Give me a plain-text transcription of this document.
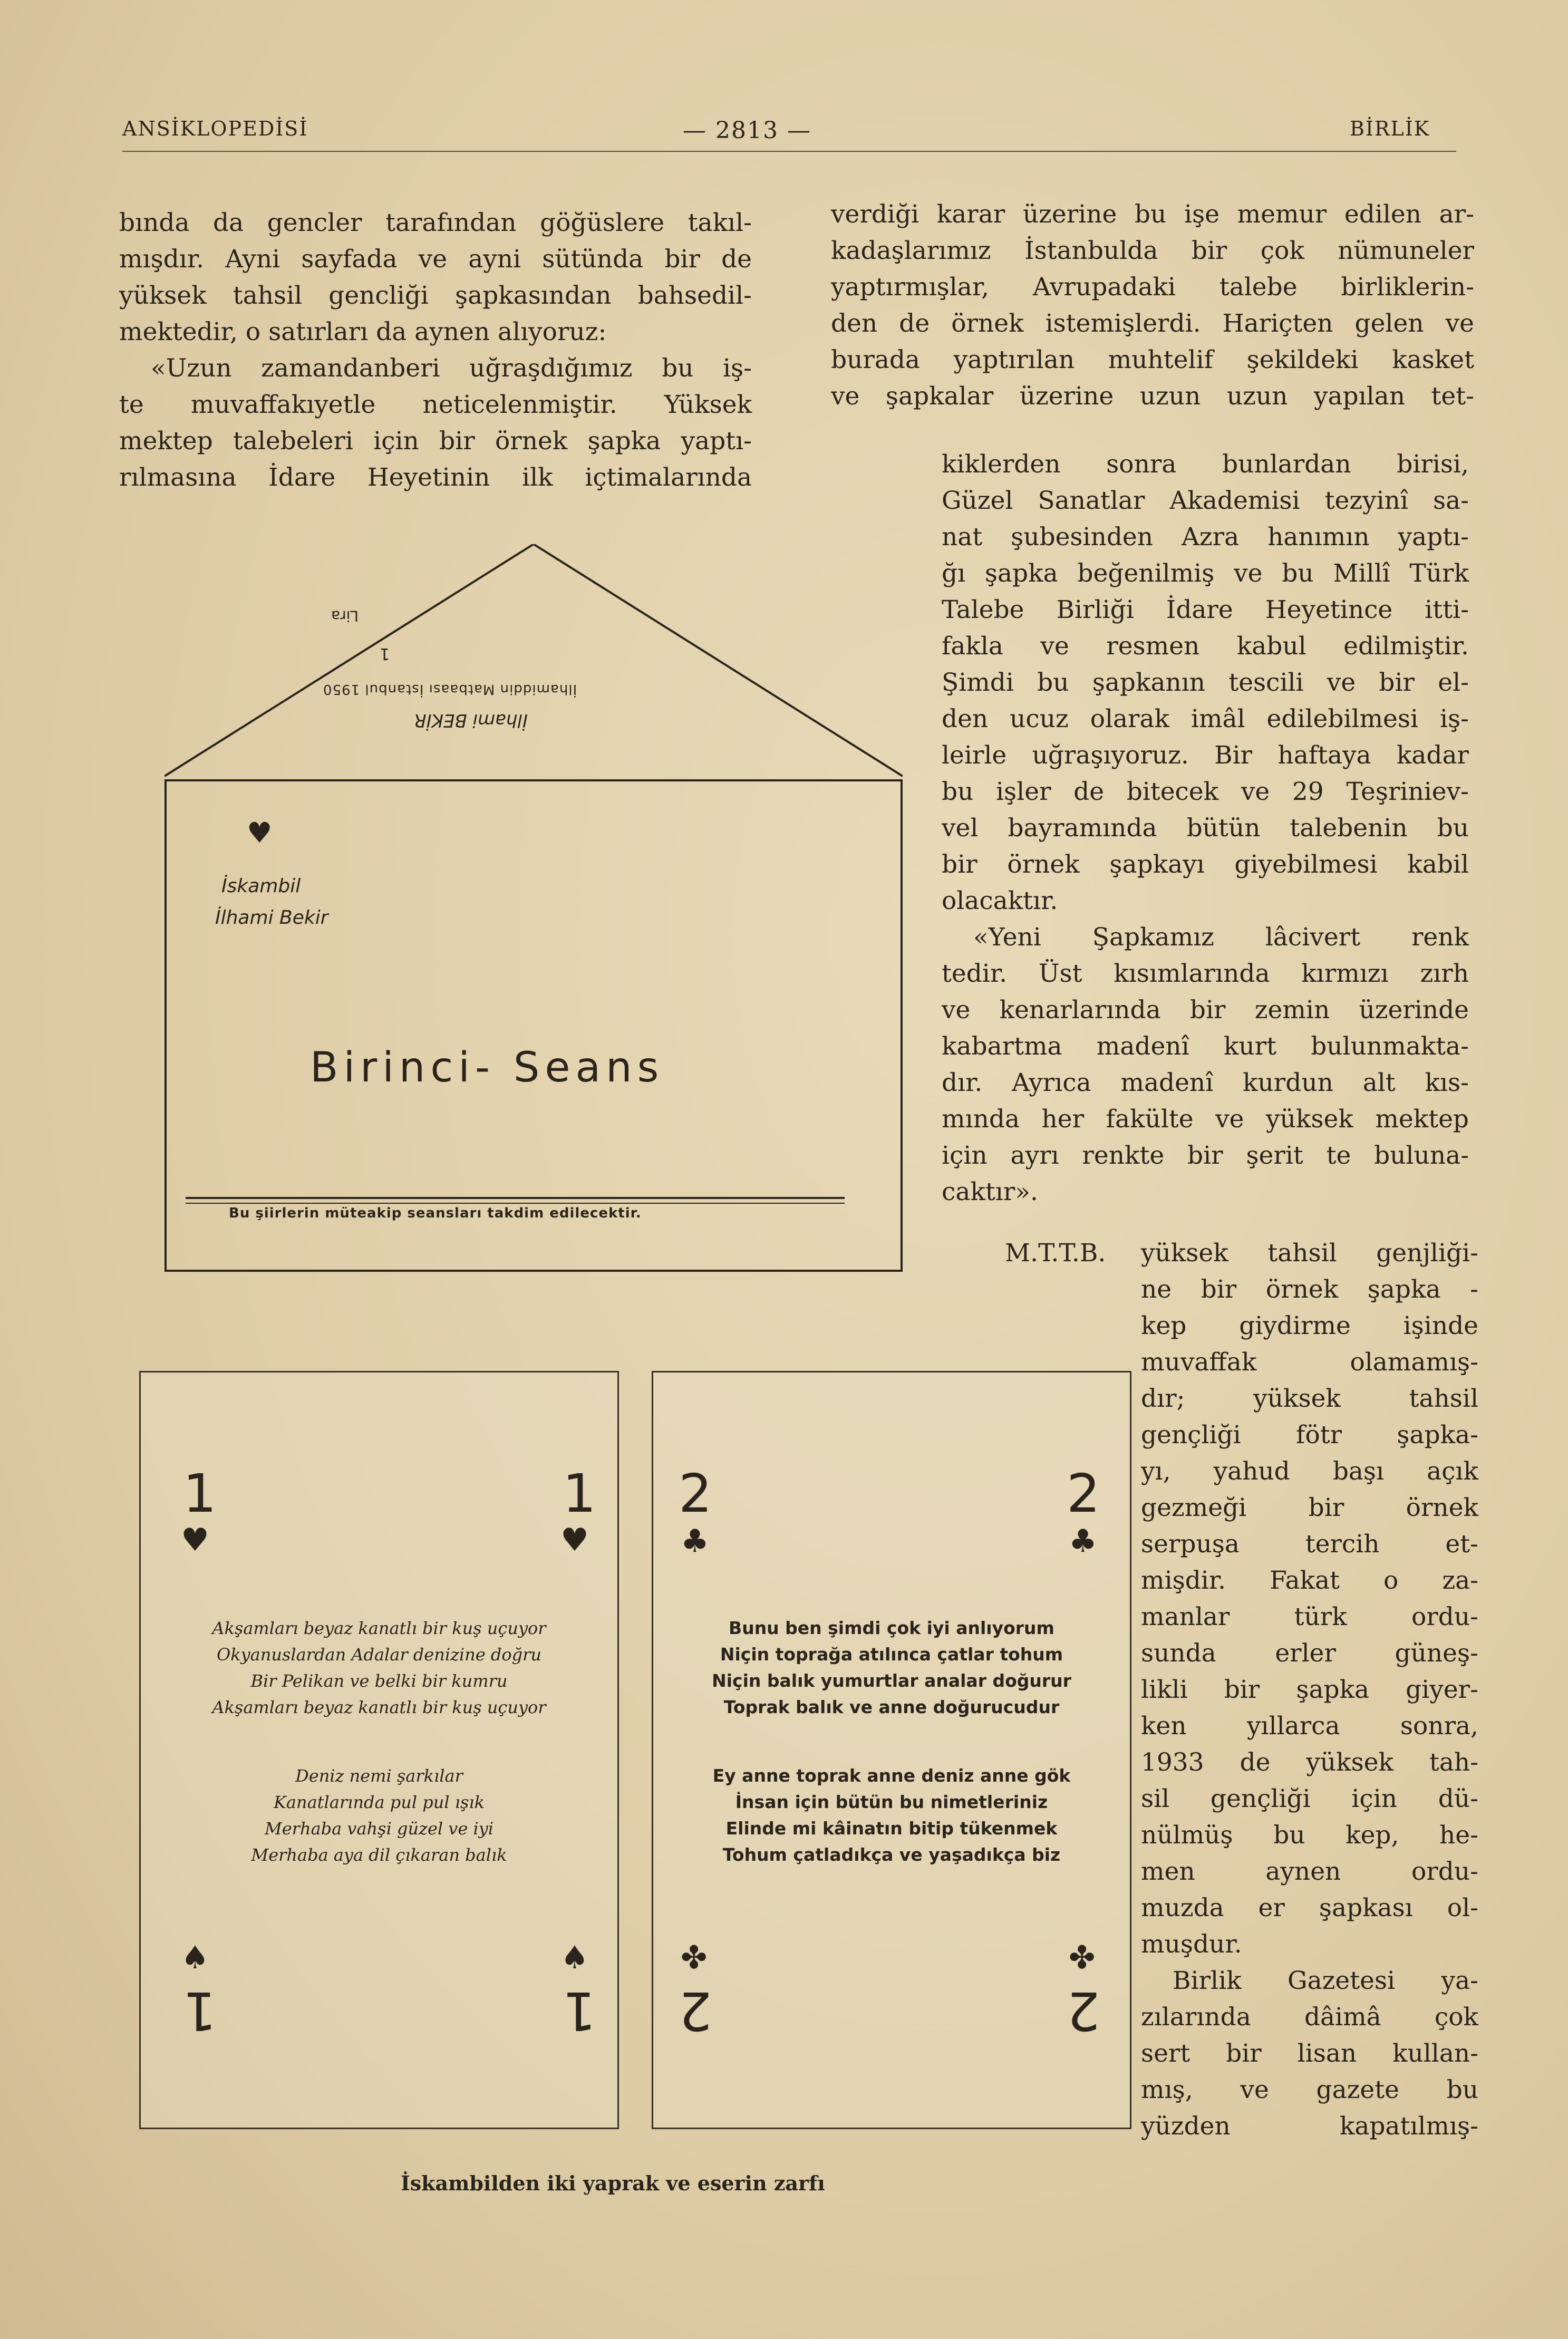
ANSİKLOPEDİSİ	— 2813 —	BİRLİK

bında da gencler tarafından göğüslere takıl-

mışdır. Ayni sayfada ve ayni sütünda bir de

yüksek tahsil gencliği şapkasından bahsedil-

mektedir, o satırları da aynen alıyoruz:

«Uzun zamandanberi uğraşdığımız bu iş-

te muvaffakıyetle neticelenmiştir. Yüksek

mektep talebeleri için bir örnek şapka yaptı-

rılmasına İdare Heyetinin ilk içtimalarında

verdiği karar üzerine bu işe memur edilen ar-

kadaşlarımız İstanbulda bir çok nümuneler

yaptırmışlar, Avrupadaki talebe birliklerin-

den de örnek istemişlerdi. Hariçten gelen ve

burada yaptırılan muhtelif şekildeki kasket

ve şapkalar üzerine uzun uzun yapılan tet-

kiklerden sonra bunlardan birisi,

Güzel Sanatlar Akademisi tezyinî sa-

nat şubesinden Azra hanımın yaptı-

ğı şapka beğenilmiş ve bu Millî Türk

Talebe Birliği İdare Heyetince itti-

fakla ve resmen kabul edilmiştir.

Şimdi bu şapkanın tescili ve bir el-

den ucuz olarak imâl edilebilmesi iş-

leirle uğraşıyoruz. Bir haftaya kadar

bu işler de bitecek ve 29 Teşriniev-

vel bayramında bütün talebenin bu

bir örnek şapkayı giyebilmesi kabil

olacaktır.

«Yeni Şapkamız lâcivert renk

tedir. Üst kısımlarında kırmızı zırh

ve kenarlarında bir zemin üzerinde

kabartma madenî kurt bulunmakta-

dır. Ayrıca madenî kurdun alt kıs-

mında her fakülte ve yüksek mektep

için ayrı renkte bir şerit te buluna-

caktır».

M.T.T.B. yüksek tahsil genjliği-

ne bir örnek şapka -

kep giydirme işinde

muvaffak olamamış-

dır; yüksek tahsil

gençliği fötr şapka-

yı, yahud başı açık

gezmeği bir örnek

serpuşa tercih et-

mişdir. Fakat o za-

manlar türk ordu-

sunda erler güneş-

likli bir şapka giyer-

ken yıllarca sonra,

1933 de yüksek tah-

sil gençliği için dü-

nülmüş bu kep, he-

men aynen ordu-

muzda er şapkası ol-

muşdur.

Birlik Gazetesi ya-

zılarında dâimâ çok

sert bir lisan kullan-

mış, ve gazete bu

yüzden kapatılmış-

Lira
1
İlhamiddin Matbaası İstanbul 1950
İlhami BEKİR
♥
İskambil
İlhami Bekir
Birinci- Seans
Bu şiirlerin müteakip seansları takdim edilecektir.
1
♥
1
♥

Akşamları beyaz kanatlı bir kuş uçuyor

Okyanuslardan Adalar denizine doğru

Bir Pelikan ve belki bir kumru

Akşamları beyaz kanatlı bir kuş uçuyor

Deniz nemi şarkılar

Kanatlarında pul pul ışık

Merhaba vahşi güzel ve iyi

Merhaba aya dil çıkaran balık

♠
1
♠
1
2
♣
2
♣

Bunu ben şimdi çok iyi anlıyorum

Niçin toprağa atılınca çatlar tohum

Niçin balık yumurtlar analar doğurur

Toprak balık ve anne doğurucudur

Ey anne toprak anne deniz anne gök

İnsan için bütün bu nimetleriniz

Elinde mi kâinatın bitip tükenmek

Tohum çatladıkça ve yaşadıkça biz

✤
2
✤
2
İskambilden iki yaprak ve eserin zarfı
